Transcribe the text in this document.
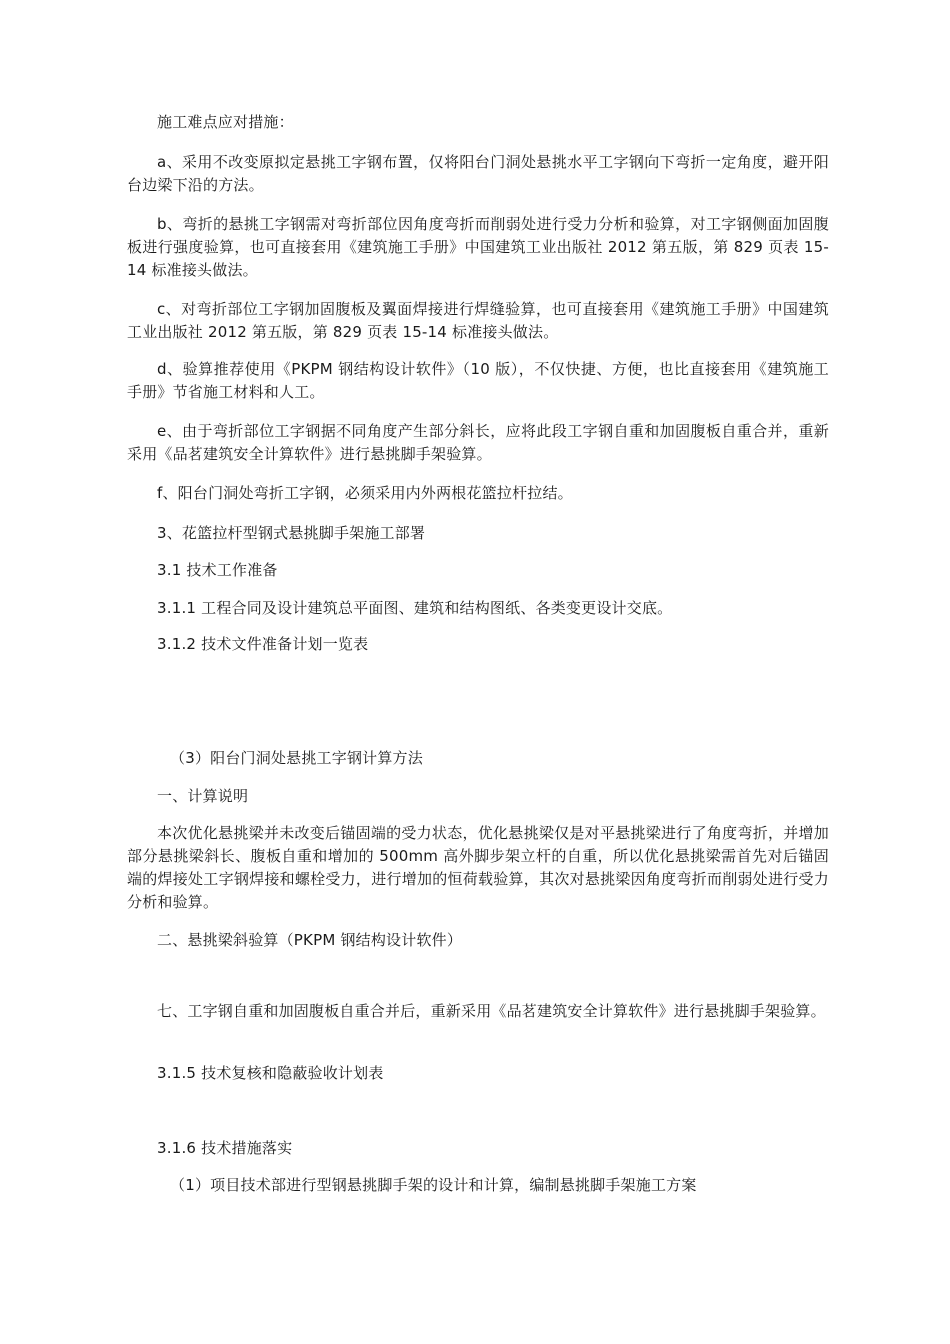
施工难点应对措施：

a、采用不改变原拟定悬挑工字钢布置，仅将阳台门洞处悬挑水平工字钢向下弯折一定角度，避开阳台边梁下沿的方法。

b、弯折的悬挑工字钢需对弯折部位因角度弯折而削弱处进行受力分析和验算，对工字钢侧面加固腹板进行强度验算，也可直接套用《建筑施工手册》中国建筑工业出版社 2012 第五版，第 829 页表 15-14 标准接头做法。

c、对弯折部位工字钢加固腹板及翼面焊接进行焊缝验算，也可直接套用《建筑施工手册》中国建筑工业出版社 2012 第五版，第 829 页表 15-14 标准接头做法。

d、验算推荐使用《PKPM 钢结构设计软件》（10 版），不仅快捷、方便，也比直接套用《建筑施工手册》节省施工材料和人工。

e、由于弯折部位工字钢据不同角度产生部分斜长，应将此段工字钢自重和加固腹板自重合并，重新采用《品茗建筑安全计算软件》进行悬挑脚手架验算。

f、阳台门洞处弯折工字钢，必须采用内外两根花篮拉杆拉结。

3、花篮拉杆型钢式悬挑脚手架施工部署

3.1 技术工作准备

3.1.1 工程合同及设计建筑总平面图、建筑和结构图纸、各类变更设计交底。

3.1.2 技术文件准备计划一览表

（3）阳台门洞处悬挑工字钢计算方法

一、计算说明

本次优化悬挑梁并未改变后锚固端的受力状态，优化悬挑梁仅是对平悬挑梁进行了角度弯折，并增加部分悬挑梁斜长、腹板自重和增加的 500mm 高外脚步架立杆的自重，所以优化悬挑梁需首先对后锚固端的焊接处工字钢焊接和螺栓受力，进行增加的恒荷载验算，其次对悬挑梁因角度弯折而削弱处进行受力分析和验算。

二、悬挑梁斜验算（PKPM 钢结构设计软件）

七、工字钢自重和加固腹板自重合并后，重新采用《品茗建筑安全计算软件》进行悬挑脚手架验算。

3.1.5 技术复核和隐蔽验收计划表

3.1.6 技术措施落实

（1）项目技术部进行型钢悬挑脚手架的设计和计算，编制悬挑脚手架施工方案
